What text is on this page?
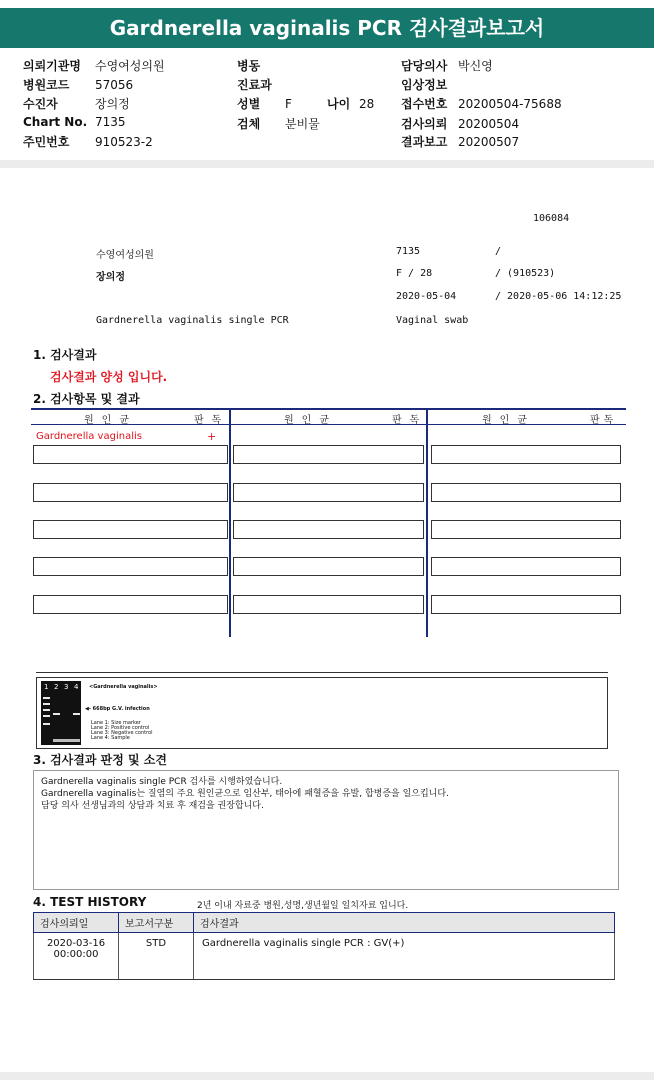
Gardnerella vaginalis PCR 검사결과보고서
의뢰기관명 수영여성의원
병원코드 57056
수진자	장의정
Chart No. 7135
주민번호 910523-2
병동
진료과
성별 F	나이 28
검체 분비물
담당의사 박신영
임상정보
접수번호 20200504-75688
검사의뢰 20200504
결과보고 20200507
106084
수영여성의원	7135	/
장의정	F / 28	/ (910523)
2020-05-04	/ 2020-05-06 14:12:25
Gardnerella vaginalis single PCR	Vaginal swab
1. 검사결과
검사결과 양성 입니다.
2. 검사항목 및 결과
원인균	판독	원인균	판독	원인균	판독
Gardnerella vaginalis	+
1 2 3 4 <Gardnerella vaginalis>
◀- 668bp G.V. infection
Lane 1: Size marker
Lane 2: Positive control
Lane 3: Negative control
Lane 4: Sample
3. 검사결과 판정 및 소견
Gardnerella vaginalis single PCR 검사를 시행하였습니다.
Gardnerella vaginalis는 질염의 주요 원인균으로 임산부, 태아에 패혈증을 유발, 합병증을 일으킵니다.
담당 의사 선생님과의 상담과 치료 후 재검을 권장합니다.
4. TEST HISTORY	2년 이내 자료중 병원,성명,생년월일 일치자료 입니다.
검사의뢰일	보고서구분	검사결과

2020-03-16
00:00:00	STD	Gardnerella vaginalis single PCR : GV(+)
